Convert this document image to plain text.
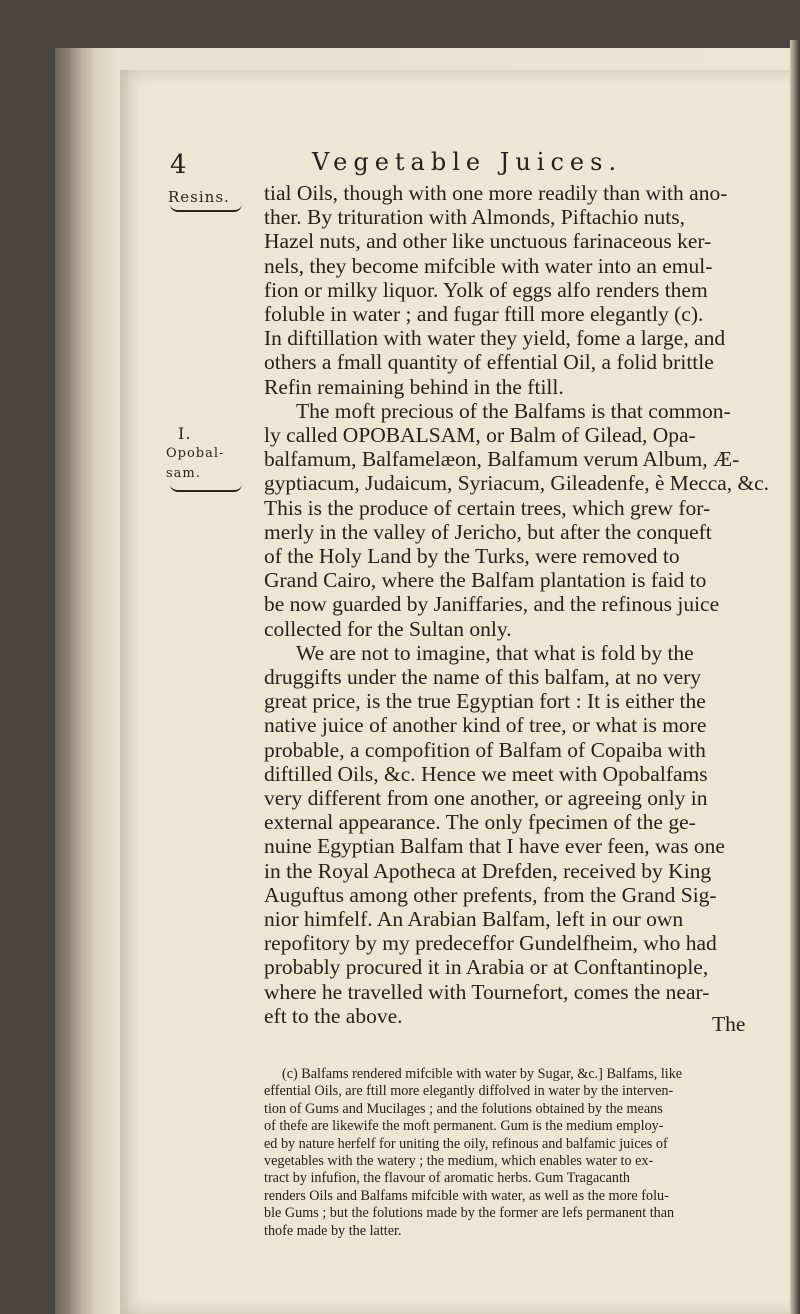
4	Vegetable Juices.
Resins.
I.
Opobal-
sam.
tial Oils, though with one more readily than with ano-
ther. By trituration with Almonds, Piftachio nuts,
Hazel nuts, and other like unctuous farinaceous ker-
nels, they become mifcible with water into an emul-
fion or milky liquor. Yolk of eggs alfo renders them
foluble in water ; and fugar ftill more elegantly (c).
In diftillation with water they yield, fome a large, and
others a fmall quantity of effential Oil, a folid brittle
Refin remaining behind in the ftill.
The moft precious of the Balfams is that common-
ly called OPOBALSAM, or Balm of Gilead, Opa-
balfamum, Balfamelæon, Balfamum verum Album, Æ-
gyptiacum, Judaicum, Syriacum, Gileadenfe, è Mecca, &c.
This is the produce of certain trees, which grew for-
merly in the valley of Jericho, but after the conqueft
of the Holy Land by the Turks, were removed to
Grand Cairo, where the Balfam plantation is faid to
be now guarded by Janiffaries, and the refinous juice
collected for the Sultan only.
We are not to imagine, that what is fold by the
druggifts under the name of this balfam, at no very
great price, is the true Egyptian fort : It is either the
native juice of another kind of tree, or what is more
probable, a compofition of Balfam of Copaiba with
diftilled Oils, &c. Hence we meet with Opobalfams
very different from one another, or agreeing only in
external appearance. The only fpecimen of the ge-
nuine Egyptian Balfam that I have ever feen, was one
in the Royal Apotheca at Drefden, received by King
Auguftus among other prefents, from the Grand Sig-
nior himfelf. An Arabian Balfam, left in our own
repofitory by my predeceffor Gundelfheim, who had
probably procured it in Arabia or at Conftantinople,
where he travelled with Tournefort, comes the near-
eft to the above.	The
(c) Balfams rendered mifcible with water by Sugar, &c.] Balfams, like
effential Oils, are ftill more elegantly diffolved in water by the interven-
tion of Gums and Mucilages ; and the folutions obtained by the means
of thefe are likewife the moft permanent. Gum is the medium employ-
ed by nature herfelf for uniting the oily, refinous and balfamic juices of
vegetables with the watery ; the medium, which enables water to ex-
tract by infufion, the flavour of aromatic herbs. Gum Tragacanth
renders Oils and Balfams mifcible with water, as well as the more folu-
ble Gums ; but the folutions made by the former are lefs permanent than
thofe made by the latter.
